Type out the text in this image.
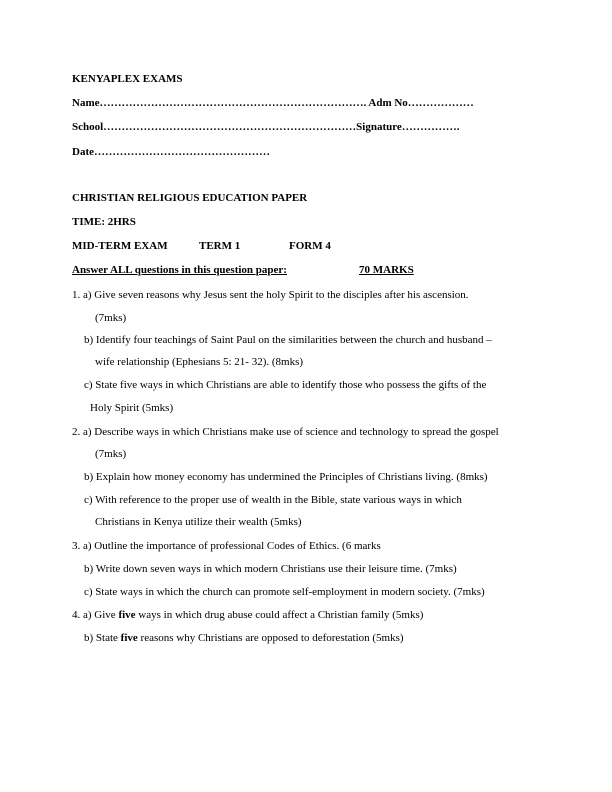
KENYAPLEX EXAMS
Name………………………………………………………………. Adm No………………
School……………………………………………………………Signature…………….
Date…………………………………………
CHRISTIAN RELIGIOUS EDUCATION PAPER
TIME: 2HRS
MID-TERM EXAM	TERM 1	FORM 4
Answer ALL questions in this question paper:	70 MARKS
1. a) Give seven reasons why Jesus sent the holy Spirit to the disciples after his ascension.
(7mks)
b) Identify four teachings of Saint Paul on the similarities between the church and husband –
wife relationship (Ephesians 5: 21- 32). (8mks)
c) State five ways in which Christians are able to identify those who possess the gifts of the
Holy Spirit (5mks)
2. a) Describe ways in which Christians make use of science and technology to spread the gospel
(7mks)
b) Explain how money economy has undermined the Principles of Christians living. (8mks)
c) With reference to the proper use of wealth in the Bible, state various ways in which
Christians in Kenya utilize their wealth (5mks)
3. a) Outline the importance of professional Codes of Ethics. (6 marks
b) Write down seven ways in which modern Christians use their leisure time. (7mks)
c) State ways in which the church can promote self-employment in modern society. (7mks)
4. a) Give five ways in which drug abuse could affect a Christian family (5mks)
b) State five reasons why Christians are opposed to deforestation (5mks)
